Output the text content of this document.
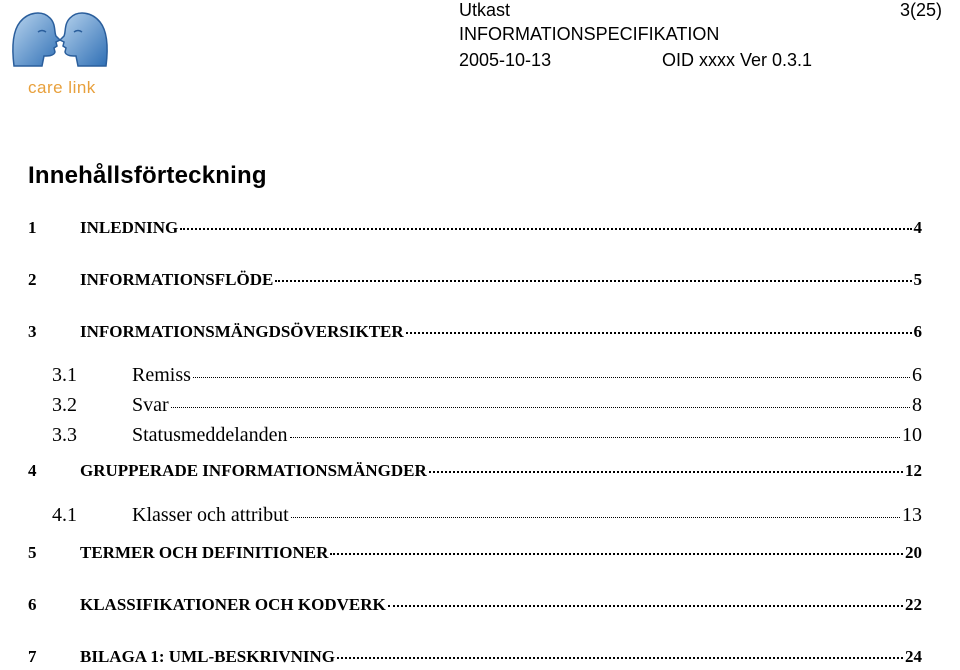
care link
Utkast	3(25)
INFORMATIONSPECIFIKATION
2005-10-13	OID xxxx Ver 0.3.1
Innehållsförteckning
1	INLEDNING	4
2	INFORMATIONSFLÖDE	5
3	INFORMATIONSMÄNGDSÖVERSIKTER	6
3.1	Remiss	6
3.2	Svar	8
3.3	Statusmeddelanden	10
4	GRUPPERADE INFORMATIONSMÄNGDER	12
4.1	Klasser och attribut	13
5	TERMER OCH DEFINITIONER	20
6	KLASSIFIKATIONER OCH KODVERK	22
7	BILAGA 1: UML-BESKRIVNING	24
